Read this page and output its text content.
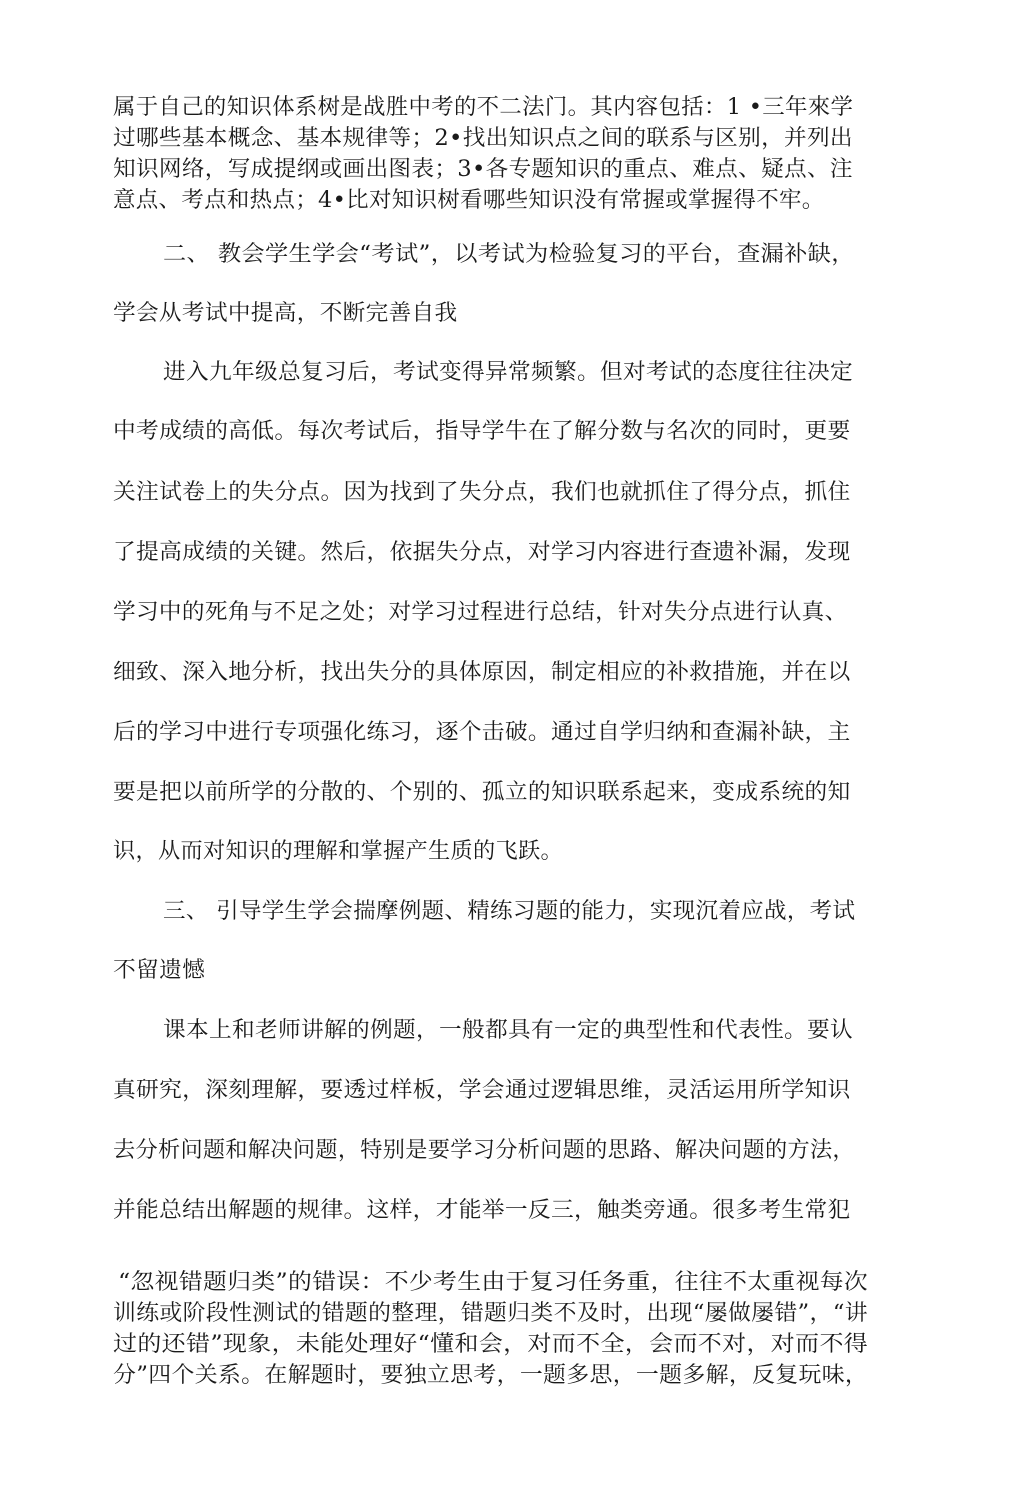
属于自己的知识体系树是战胜中考的不二法门。其内容包括：1 •三年來学
过哪些基本概念、基本规律等；2•找出知识点之间的联系与区别，并列出
知识网络，写成提纲或画出图表；3•各专题知识的重点、难点、疑点、注
意点、考点和热点；4•比对知识树看哪些知识没有常握或掌握得不牢。
二、 教会学生学会“考试”，以考试为检验复习的平台，查漏补缺，
学会从考试中提高，不断完善自我
进入九年级总复习后，考试变得异常频繁。但对考试的态度往往决定
中考成绩的高低。每次考试后，指导学牛在了解分数与名次的同时，更要
关注试卷上的失分点。因为找到了失分点，我们也就抓住了得分点，抓住
了提高成绩的关键。然后，依据失分点，对学习内容进行查遗补漏，发现
学习中的死角与不足之处；对学习过程进行总结，针对失分点进行认真、
细致、深入地分析，找出失分的具体原因，制定相应的补救措施，并在以
后的学习中进行专项强化练习，逐个击破。通过自学归纳和查漏补缺，主
要是把以前所学的分散的、个别的、孤立的知识联系起来，变成系统的知
识，从而对知识的理解和掌握产生质的飞跃。
三、 引导学生学会揣摩例题、精练习题的能力，实现沉着应战，考试
不留遗憾
课本上和老师讲解的例题，一般都具有一定的典型性和代表性。要认
真研究，深刻理解，要透过样板，学会通过逻辑思维，灵活运用所学知识
去分析问题和解决问题，特别是要学习分析问题的思路、解决问题的方法，
并能总结出解题的规律。这样，才能举一反三，触类旁通。很多考生常犯
“忽视错题归类”的错误：不少考生由于复习任务重，往往不太重视每次
训练或阶段性测试的错题的整理，错题归类不及时，出现“屡做屡错”，“讲
过的还错”现象，未能处理好“懂和会，对而不全，会而不对，对而不得
分”四个关系。在解题时，要独立思考，一题多思，一题多解，反复玩味，
